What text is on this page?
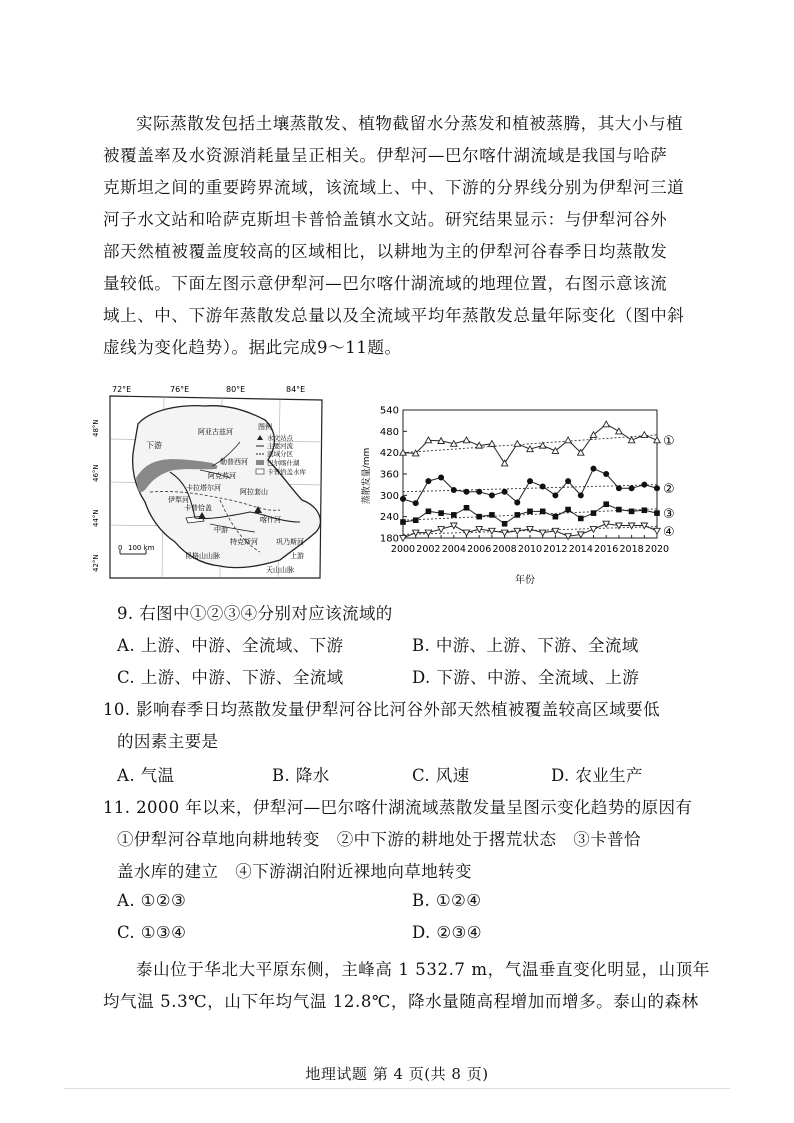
实际蒸散发包括土壤蒸散发、植物截留水分蒸发和植被蒸腾，其大小与植
被覆盖率及水资源消耗量呈正相关。伊犁河—巴尔喀什湖流域是我国与哈萨
克斯坦之间的重要跨界流域，该流域上、中、下游的分界线分别为伊犁河三道
河子水文站和哈萨克斯坦卡普恰盖镇水文站。研究结果显示：与伊犁河谷外
部天然植被覆盖度较高的区域相比，以耕地为主的伊犁河谷春季日均蒸散发
量较低。下面左图示意伊犁河—巴尔喀什湖流域的地理位置，右图示意该流
域上、中、下游年蒸散发总量以及全流域平均年蒸散发总量年际变化（图中斜
虚线为变化趋势）。据此完成9～11题。
72°E	76°E	80°E	84°E
48°N
46°N
44°N
42°N
下游
阿亚古兹河
勒普西河
阿克苏河
卡拉塔尔河
伊犁河
卡普恰盖
阿拉套山
喀什河
巩乃斯河
中游
特克斯河
昆格山山脉	上游
天山山脉
图例
水文站点
主要河流
流域分区
巴尔喀什湖
卡普恰盖水库
0 100 km
蒸散发量/mm
年份
180
240
300
360
420
480
540
2000 2002 2004 2006 2008 2010 2012 2014 2016 2018 2020
①
②
③
④
9. 右图中①②③④分别对应该流域的
A. 上游、中游、全流域、下游	B. 中游、上游、下游、全流域
C. 上游、中游、下游、全流域	D. 下游、中游、全流域、上游
10. 影响春季日均蒸散发量伊犁河谷比河谷外部天然植被覆盖较高区域要低
的因素主要是
A. 气温	B. 降水	C. 风速	D. 农业生产
11. 2000 年以来，伊犁河—巴尔喀什湖流域蒸散发量呈图示变化趋势的原因有
①伊犁河谷草地向耕地转变　②中下游的耕地处于撂荒状态　③卡普恰
盖水库的建立　④下游湖泊附近裸地向草地转变
A. ①②③	B. ①②④
C. ①③④	D. ②③④
泰山位于华北大平原东侧，主峰高 1 532.7 m，气温垂直变化明显，山顶年
均气温 5.3℃，山下年均气温 12.8℃，降水量随高程增加而增多。泰山的森林
地理试题 第 4 页(共 8 页)
